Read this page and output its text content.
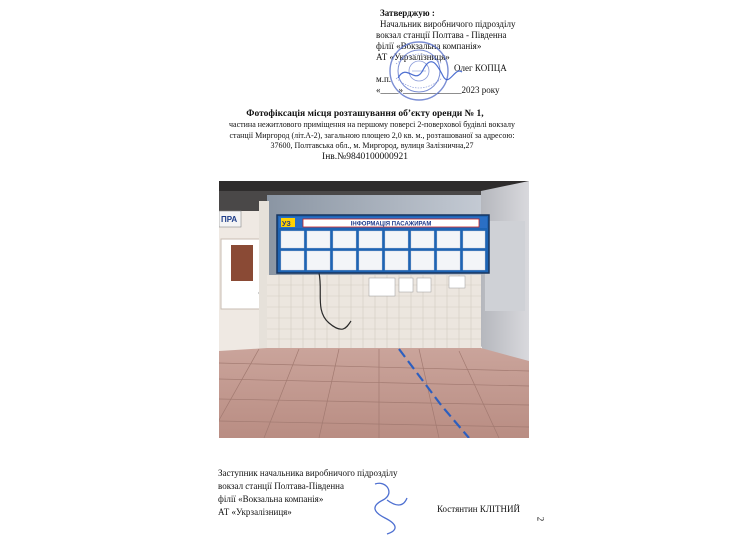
Затверджую :
Начальник виробничого підрозділу
вокзал станції Полтава - Південна
філії «Вокзальна компанія»
АТ «Укрзалізниця»
Олег КОПЦА
м.п.
«____»_____________2023 року
Фотофіксація місця розташування об’єкту оренди № 1,
частина нежитлового приміщення на першому поверсі 2-поверхової будівлі вокзалу
станції Миргород (літ.А-2), загальною площею 2,0 кв. м., розташованої за адресою:
37600, Полтавська обл., м. Миргород, вулиця Залізнична,27
Інв.№9840100000921
ПРА
УЗ	ІНФОРМАЦІЯ ПАСАЖИРАМ
Заступник начальника виробничого підрозділу
вокзал станції Полтава-Південна
філії «Вокзальна компанія»
АТ «Укрзалізниця»	Костянтин КЛІТНИЙ
2
